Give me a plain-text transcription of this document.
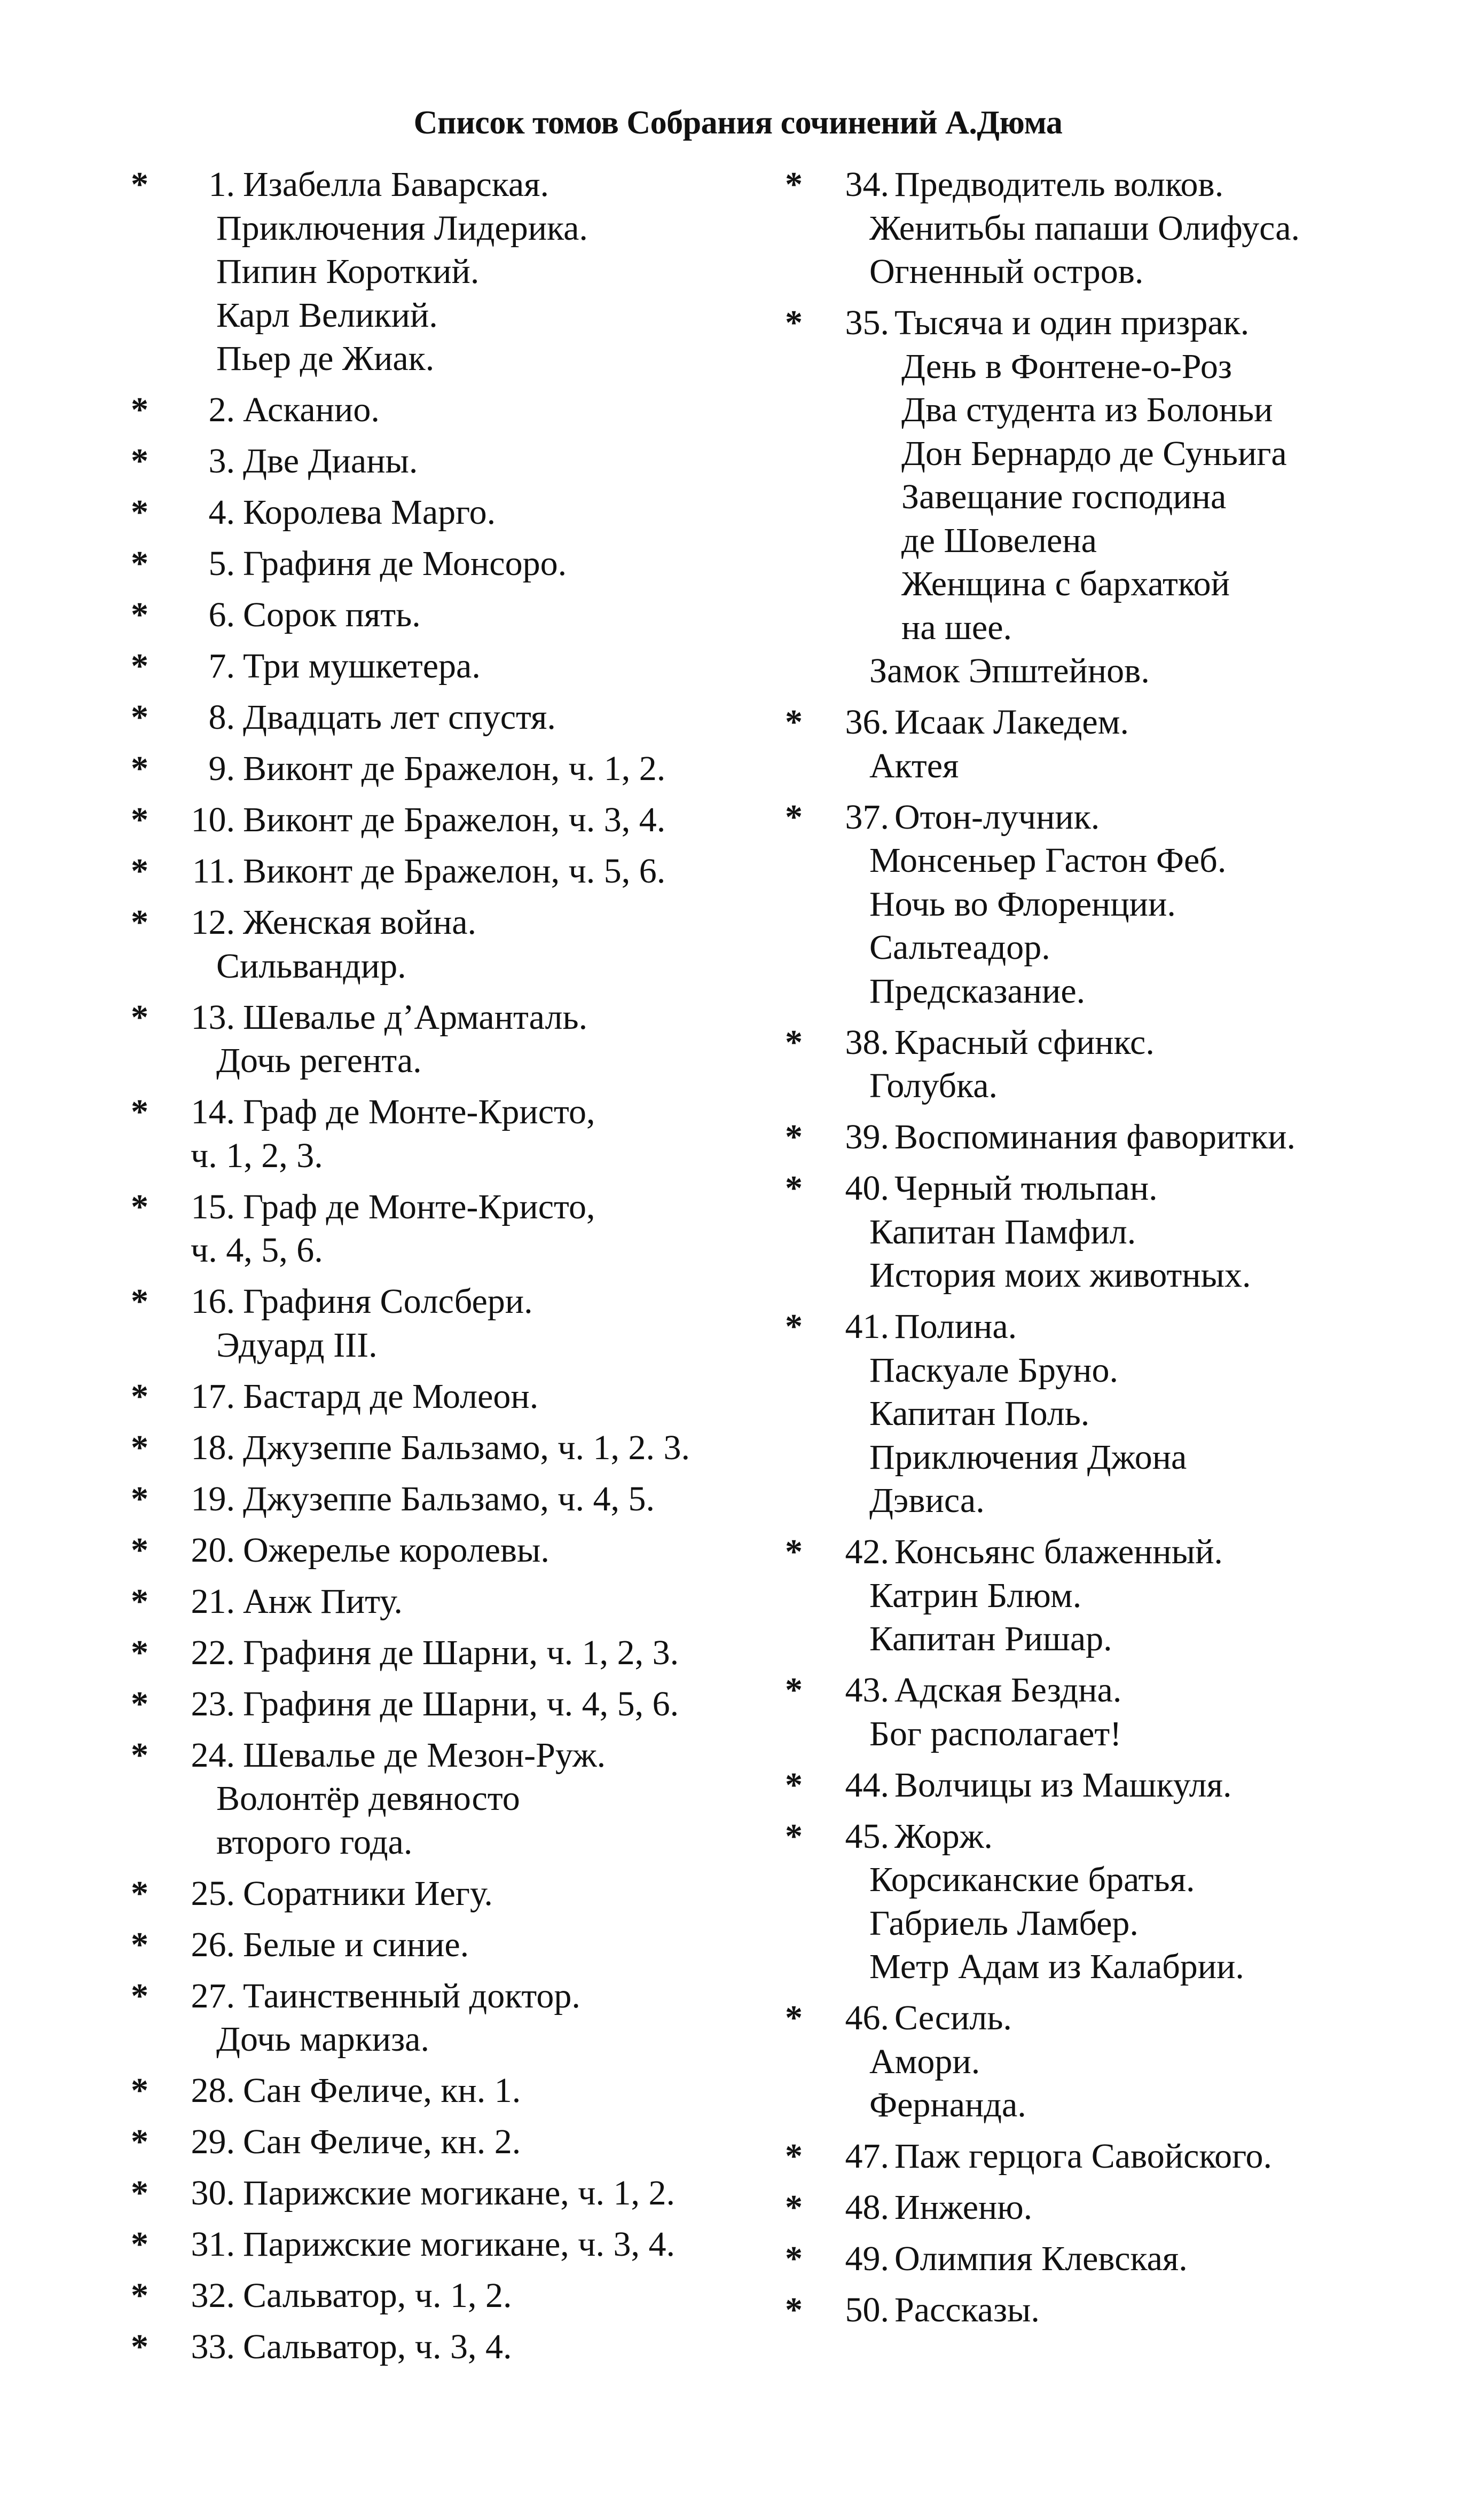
Список томов Собрания сочинений А.Дюма
*	1. Изабелла Баварская.
Приключения Лидерика.
Пипин Короткий.
Карл Великий.
Пьер де Жиак.
*	2. Асканио.
*	3. Две Дианы.
*	4. Королева Марго.
*	5. Графиня де Монсоро.
*	6. Сорок пять.
*	7. Три мушкетера.
*	8. Двадцать лет спустя.
*	9. Виконт де Бражелон, ч. 1, 2.
*	10. Виконт де Бражелон, ч. 3, 4.
*	11. Виконт де Бражелон, ч. 5, 6.
*	12. Женская война.
Сильвандир.
*	13. Шевалье д’Арманталь.
Дочь регента.
*	14. Граф де Монте-Кристо,
ч. 1, 2, 3.
*	15. Граф де Монте-Кристо,
ч. 4, 5, 6.
*	16. Графиня Солсбери.
Эдуард III.
*	17. Бастард де Молеон.
*	18. Джузеппе Бальзамо, ч. 1, 2. 3.
*	19. Джузеппе Бальзамо, ч. 4, 5.
*	20. Ожерелье королевы.
*	21. Анж Питу.
*	22. Графиня де Шарни, ч. 1, 2, 3.
*	23. Графиня де Шарни, ч. 4, 5, 6.
*	24. Шевалье де Мезон-Руж.
Волонтёр девяносто
второго года.
*	25. Соратники Иегу.
*	26. Белые и синие.
*	27. Таинственный доктор.
Дочь маркиза.
*	28. Сан Феличе, кн. 1.
*	29. Сан Феличе, кн. 2.
*	30. Парижские могикане, ч. 1, 2.
*	31. Парижские могикане, ч. 3, 4.
*	32. Сальватор, ч. 1, 2.
*	33. Сальватор, ч. 3, 4.
*	34. Предводитель волков.
Женитьбы папаши Олифуса.
Огненный остров.
*	35. Тысяча и один призрак.
День в Фонтене-о-Роз
Два студента из Болоньи
Дон Бернардо де Суньига
Завещание господина
де Шовелена
Женщина с бархаткой
на шее.
Замок Эпштейнов.
*	36. Исаак Лакедем.
Актея
*	37. Отон-лучник.
Монсеньер Гастон Феб.
Ночь во Флоренции.
Сальтеадор.
Предсказание.
*	38. Красный сфинкс.
Голубка.
*	39. Воспоминания фаворитки.
*	40. Черный тюльпан.
Капитан Памфил.
История моих животных.
*	41. Полина.
Паскуале Бруно.
Капитан Поль.
Приключения Джона
Дэвиса.
*	42. Консьянс блаженный.
Катрин Блюм.
Капитан Ришар.
*	43. Адская Бездна.
Бог располагает!
*	44. Волчицы из Машкуля.
*	45. Жорж.
Корсиканские братья.
Габриель Ламбер.
Метр Адам из Калабрии.
*	46. Сесиль.
Амори.
Фернанда.
*	47. Паж герцога Савойского.
*	48. Инженю.
*	49. Олимпия Клевская.
*	50. Рассказы.
